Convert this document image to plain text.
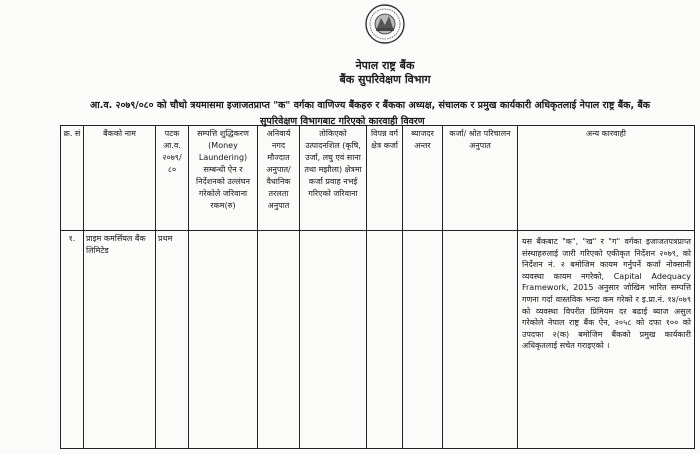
नेपाल राष्ट्र बैंक
बैंक सुपरिवेक्षण विभाग
आ.व. २०७९/०८० को चौथो त्रयमासमा इजाजतप्राप्त "क" वर्गका वाणिज्य बैंकहरु र बैंकका अध्यक्ष, संचालक र प्रमुख कार्यकारी अधिकृतलाई नेपाल राष्ट्र बैंक, बैंक
सुपरिवेक्षण विभागबाट गरिएको कारवाही विवरण
क्र. सं	बैंकको नाम	पटक आ.व. २०७९/ ८०	सम्पत्ति शुद्धिकरण (Money Laundering) सम्बन्धी ऐन र निर्देशनको उल्लंघन गरेकोले जरिवाना रकम(रु)	अनिवार्य नगद मौज्दात अनुपात/ वैधानिक तरलता अनुपात	तोकिएको उत्पादनशिल (कृषि, उर्जा, लघु एवं साना तथा मझौला) क्षेत्रमा कर्जा प्रवाह नभई गरिएको जरिवाना	विपन्न वर्ग क्षेत्र कर्जा	ब्याजदर अन्तर	कर्जा/ श्रोत परिचालन अनुपात	अन्य कारवाही
१.	प्राइम कमर्सियल बैंक लिमिटेड	प्रथम							यस बैंकबाट "क", "ख" र "ग" वर्गका इजाजतपत्रप्राप्त संस्थाहरुलाई जारी गरिएको एकीकृत निर्देशन २०७९, को निर्देशन नं. २ बमोजिम कायम गर्नुपर्ने कर्जा नोक्सानी व्यवस्था कायम नगरेको, Capital Adequacy Framework, 2015 अनुसार जोखिम भारित सम्पत्ति गणना गर्दा वास्तविक भन्दा कम गरेको र इ.प्रा.नं. १४/०७९ को व्यवस्था विपरीत प्रिमियम दर बढाई ब्याज असुल गरेकोले नेपाल राष्ट्र बैंक ऐन, २०५८ को दफा १०० को उपदफा २(क) बमोजिम बैंकको प्रमुख कार्यकारी अधिकृतलाई सचेत गराइएको ।
